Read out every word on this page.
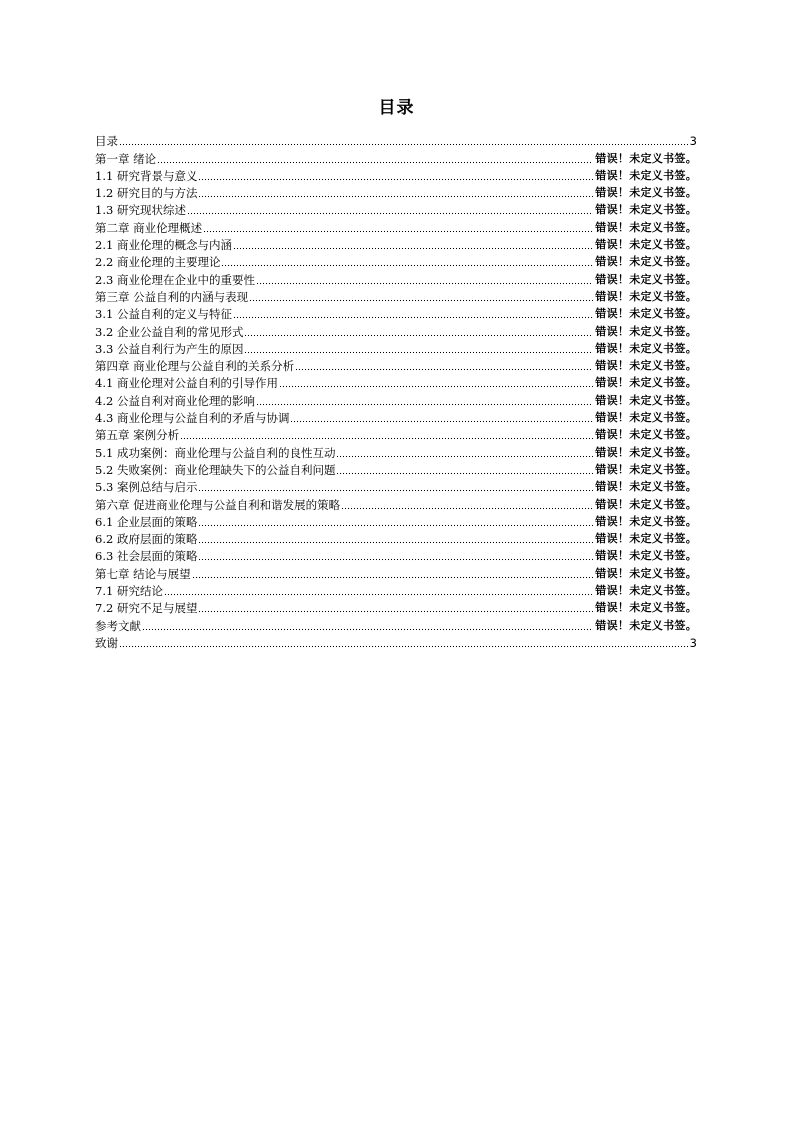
目录
目录	3
第一章 绪论	错误！未定义书签。
1.1 研究背景与意义	错误！未定义书签。
1.2 研究目的与方法	错误！未定义书签。
1.3 研究现状综述	错误！未定义书签。
第二章 商业伦理概述	错误！未定义书签。
2.1 商业伦理的概念与内涵	错误！未定义书签。
2.2 商业伦理的主要理论	错误！未定义书签。
2.3 商业伦理在企业中的重要性	错误！未定义书签。
第三章 公益自利的内涵与表现	错误！未定义书签。
3.1 公益自利的定义与特征	错误！未定义书签。
3.2 企业公益自利的常见形式	错误！未定义书签。
3.3 公益自利行为产生的原因	错误！未定义书签。
第四章 商业伦理与公益自利的关系分析	错误！未定义书签。
4.1 商业伦理对公益自利的引导作用	错误！未定义书签。
4.2 公益自利对商业伦理的影响	错误！未定义书签。
4.3 商业伦理与公益自利的矛盾与协调	错误！未定义书签。
第五章 案例分析	错误！未定义书签。
5.1 成功案例：商业伦理与公益自利的良性互动	错误！未定义书签。
5.2 失败案例：商业伦理缺失下的公益自利问题	错误！未定义书签。
5.3 案例总结与启示	错误！未定义书签。
第六章 促进商业伦理与公益自利和谐发展的策略	错误！未定义书签。
6.1 企业层面的策略	错误！未定义书签。
6.2 政府层面的策略	错误！未定义书签。
6.3 社会层面的策略	错误！未定义书签。
第七章 结论与展望	错误！未定义书签。
7.1 研究结论	错误！未定义书签。
7.2 研究不足与展望	错误！未定义书签。
参考文献	错误！未定义书签。
致谢	3
